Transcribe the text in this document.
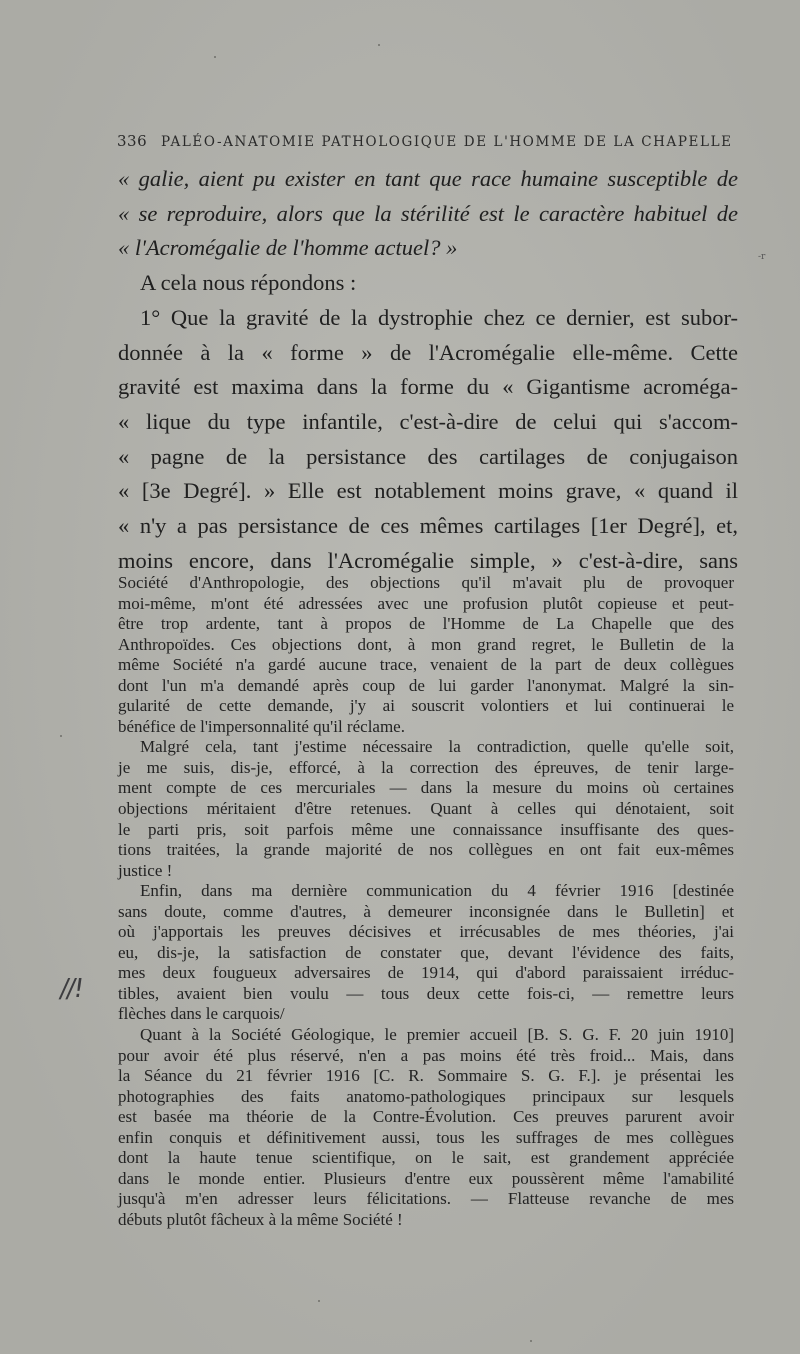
336 PALÉO-ANATOMIE PATHOLOGIQUE DE L'HOMME DE LA CHAPELLE
« galie, aient pu exister en tant que race humaine susceptible de
« se reproduire, alors que la stérilité est le caractère habituel de
« l'Acromégalie de l'homme actuel? »
A cela nous répondons :
1° Que la gravité de la dystrophie chez ce dernier, est subor-
donnée à la « forme » de l'Acromégalie elle-même. Cette
gravité est maxima dans la forme du « Gigantisme acroméga-
« lique du type infantile, c'est-à-dire de celui qui s'accom-
« pagne de la persistance des cartilages de conjugaison
« [3e Degré]. » Elle est notablement moins grave, « quand il
« n'y a pas persistance de ces mêmes cartilages [1er Degré], et,
moins encore, dans l'Acromégalie simple, » c'est-à-dire, sans
Société d'Anthropologie, des objections qu'il m'avait plu de provoquer
moi-même, m'ont été adressées avec une profusion plutôt copieuse et peut-
être trop ardente, tant à propos de l'Homme de La Chapelle que des
Anthropoïdes. Ces objections dont, à mon grand regret, le Bulletin de la
même Société n'a gardé aucune trace, venaient de la part de deux collègues
dont l'un m'a demandé après coup de lui garder l'anonymat. Malgré la sin-
gularité de cette demande, j'y ai souscrit volontiers et lui continuerai le
bénéfice de l'impersonnalité qu'il réclame.
Malgré cela, tant j'estime nécessaire la contradiction, quelle qu'elle soit,
je me suis, dis-je, efforcé, à la correction des épreuves, de tenir large-
ment compte de ces mercuriales — dans la mesure du moins où certaines
objections méritaient d'être retenues. Quant à celles qui dénotaient, soit
le parti pris, soit parfois même une connaissance insuffisante des ques-
tions traitées, la grande majorité de nos collègues en ont fait eux-mêmes
justice !
Enfin, dans ma dernière communication du 4 février 1916 [destinée
sans doute, comme d'autres, à demeurer inconsignée dans le Bulletin] et
où j'apportais les preuves décisives et irrécusables de mes théories, j'ai
eu, dis-je, la satisfaction de constater que, devant l'évidence des faits,
mes deux fougueux adversaires de 1914, qui d'abord paraissaient irréduc-
tibles, avaient bien voulu — tous deux cette fois-ci, — remettre leurs
flèches dans le carquois/
Quant à la Société Géologique, le premier accueil [B. S. G. F. 20 juin 1910]
pour avoir été plus réservé, n'en a pas moins été très froid... Mais, dans
la Séance du 21 février 1916 [C. R. Sommaire S. G. F.]. je présentai les
photographies des faits anatomo-pathologiques principaux sur lesquels
est basée ma théorie de la Contre-Évolution. Ces preuves parurent avoir
enfin conquis et définitivement aussi, tous les suffrages de mes collègues
dont la haute tenue scientifique, on le sait, est grandement appréciée
dans le monde entier. Plusieurs d'entre eux poussèrent même l'amabilité
jusqu'à m'en adresser leurs félicitations. — Flatteuse revanche de mes
débuts plutôt fâcheux à la même Société !
//!
-r
